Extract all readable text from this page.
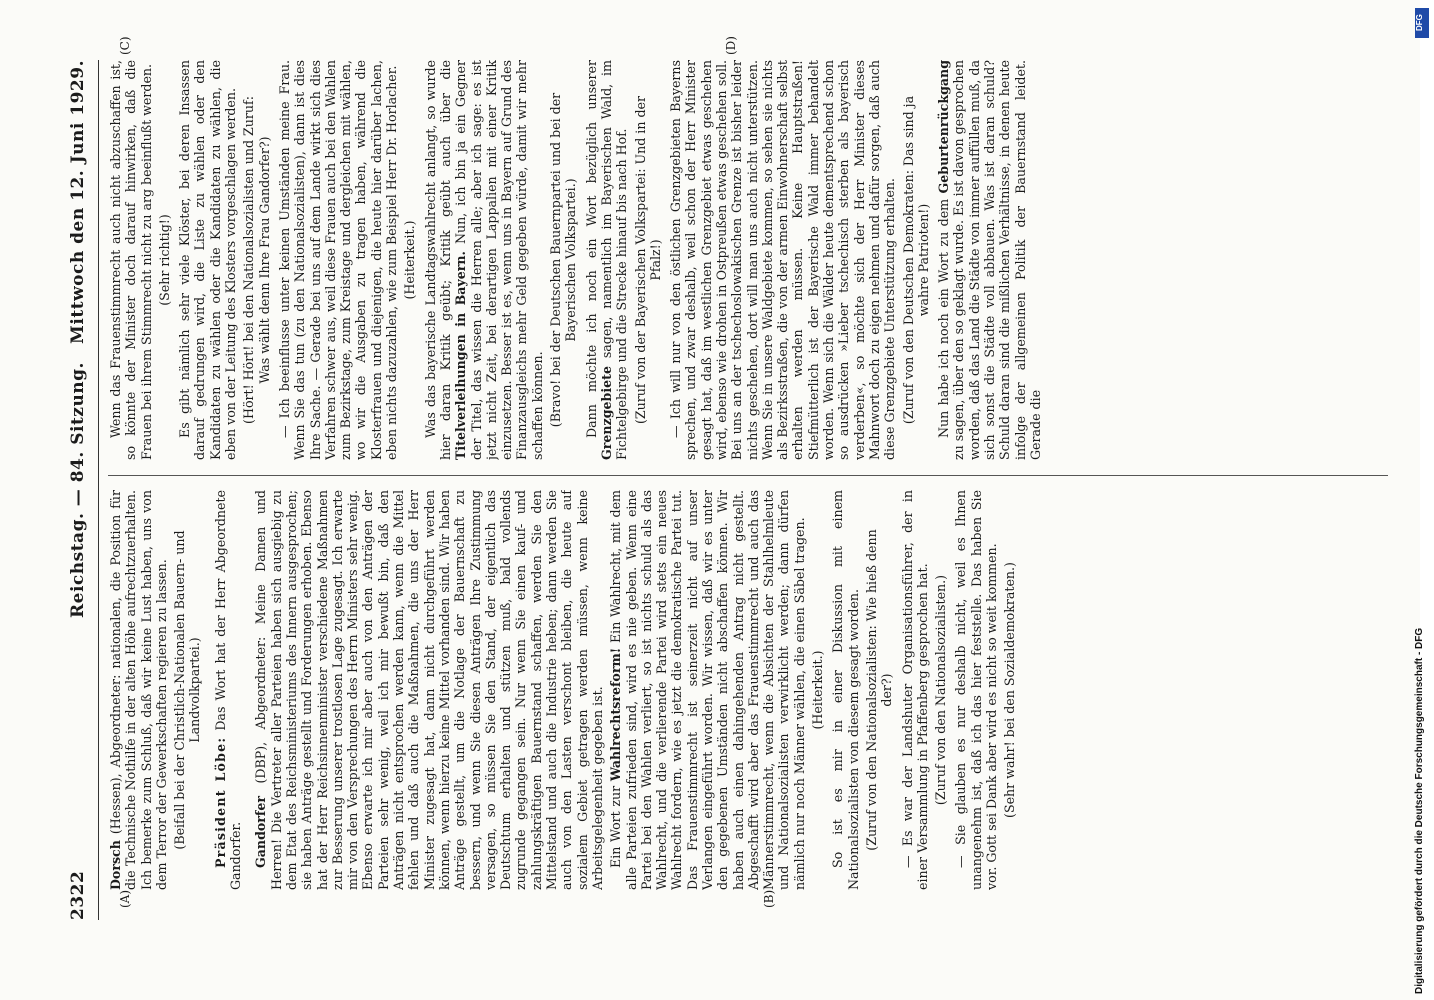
2322
Reichstag. — 84. Sitzung.
Mittwoch den 12. Juni 1929.
(A)	(B)
(C)	(D)

Dorsch (Hessen), Abgeordneter: nationalen, die Position für die Technische Nothilfe in der alten Höhe aufrechtzuerhalten. Ich bemerke zum Schluß, daß wir keine Lust haben, uns von dem Terror der Gewerkschaften regieren zu lassen. (Beifall bei der Christlich-Nationalen Bauern- und Landvolkpartei.)

Präsident Löbe: Das Wort hat der Herr Abgeordnete Gandorfer. Gandorfer (DBP), Abgeordneter: Meine Damen und Herren! Die Vertreter aller Parteien haben sich ausgiebig zu dem Etat des Reichsministeriums des Innern ausgesprochen; sie haben Anträge gestellt und Forderungen erhoben. Ebenso hat der Herr Reichsinnenminister verschiedene Maßnahmen zur Besserung unserer trostlosen Lage zugesagt. Ich erwarte mir von den Versprechungen des Herrn Ministers sehr wenig. Ebenso erwarte ich mir aber auch von den Anträgen der Parteien sehr wenig, weil ich mir bewußt bin, daß den Anträgen nicht entsprochen werden kann, wenn die Mittel fehlen und daß auch die Maßnahmen, die uns der Herr Minister zugesagt hat, dann nicht durchgeführt werden können, wenn hierzu keine Mittel vorhanden sind. Wir haben Anträge gestellt, um die Notlage der Bauernschaft zu bessern, und wenn Sie diesen Anträgen Ihre Zustimmung versagen, so müssen Sie den Stand, der eigentlich das Deutschtum erhalten und stützen muß, bald vollends zugrunde gegangen sein. Nur wenn Sie einen kauf- und zahlungskräftigen Bauernstand schaffen, werden Sie den Mittelstand und auch die Industrie heben; dann werden Sie auch von den Lasten verschont bleiben, die heute auf sozialem Gebiet getragen werden müssen, wenn keine Arbeitsgelegenheit gegeben ist. Ein Wort zur Wahlrechtsreform! Ein Wahlrecht, mit dem alle Parteien zufrieden sind, wird es nie geben. Wenn eine Partei bei den Wahlen verliert, so ist nichts schuld als das Wahlrecht, und die verlierende Partei wird stets ein neues Wahlrecht fordern, wie es jetzt die demokratische Partei tut. Das Frauenstimmrecht ist seinerzeit nicht auf unser Verlangen eingeführt worden. Wir wissen, daß wir es unter den gegebenen Umständen nicht abschaffen können. Wir haben auch einen dahingehenden Antrag nicht gestellt. Abgeschafft wird aber das Frauenstimmrecht und auch das Männerstimmrecht, wenn die Absichten der Stahlhelmleute und Nationalsozialisten verwirklicht werden; dann dürfen nämlich nur noch Männer wählen, die einen Säbel tragen. (Heiterkeit.) So ist es mir in einer Diskussion mit einem Nationalsozialisten von diesem gesagt worden. (Zuruf von den Nationalsozialisten: Wie hieß denn der?) — Es war der Landshuter Organisationsführer, der in einer Versammlung in Pfaffenberg gesprochen hat. (Zuruf von den Nationalsozialisten.) — Sie glauben es nur deshalb nicht, weil es Ihnen unangenehm ist, daß ich das hier feststelle. Das haben Sie vor. Gott sei Dank aber wird es nicht so weit kommen. (Sehr wahr! bei den Sozialdemokraten.)

Wenn das Frauenstimmrecht auch nicht abzuschaffen ist, so könnte der Minister doch darauf hinwirken, daß die Frauen bei ihrem Stimmrecht nicht zu arg beeinflußt werden. (Sehr richtig!) Es gibt nämlich sehr viele Klöster, bei deren Insassen darauf gedrungen wird, die Liste zu wählen oder den Kandidaten zu wählen oder die Kandidaten zu wählen, die eben von der Leitung des Klosters vorgeschlagen werden. (Hört! Hört! bei den Nationalsozialisten und Zuruf: Was wählt denn Ihre Frau Gandorfer?) — Ich beeinflusse unter keinen Umständen meine Frau. Wenn Sie das tun (zu den Nationalsozialisten), dann ist dies Ihre Sache. — Gerade bei uns auf dem Lande wirkt sich dies Verfahren schwer aus, weil diese Frauen auch bei den Wahlen zum Bezirkstage, zum Kreistage und dergleichen mit wählen, wo wir die Ausgaben zu tragen haben, während die Klosterfrauen und diejenigen, die heute hier darüber lachen, eben nichts dazuzahlen, wie zum Beispiel Herr Dr. Horlacher. (Heiterkeit.) Was das bayerische Landtagswahlrecht anlangt, so wurde hier daran Kritik geübt; Kritik geübt auch über die Titelverleihungen in Bayern. Nun, ich bin ja ein Gegner der Titel, das wissen die Herren alle; aber ich sage: es ist jetzt nicht Zeit, bei derartigen Lappalien mit einer Kritik einzusetzen. Besser ist es, wenn uns in Bayern auf Grund des Finanzausgleichs mehr Geld gegeben würde, damit wir mehr schaffen können. (Bravo! bei der Deutschen Bauernpartei und bei der Bayerischen Volkspartei.) Dann möchte ich noch ein Wort bezüglich unserer Grenzgebiete sagen, namentlich im Bayerischen Wald, im Fichtelgebirge und die Strecke hinauf bis nach Hof. (Zuruf von der Bayerischen Volkspartei: Und in der Pfalz!) — Ich will nur von den östlichen Grenzgebieten Bayerns sprechen, und zwar deshalb, weil schon der Herr Minister gesagt hat, daß im westlichen Grenzgebiet etwas geschehen wird, ebenso wie drohen in Ostpreußen etwas geschehen soll. Bei uns an der tschechoslowakischen Grenze ist bisher leider nichts geschehen, dort will man uns auch nicht unterstützen. Wenn Sie in unsere Waldgebiete kommen, so sehen sie nichts als Bezirksstraßen, die von der armen Einwohnerschaft selbst erhalten werden müssen. Keine Hauptstraßen! Stiefmütterlich ist der Bayerische Wald immer behandelt worden. Wenn sich die Wälder heute dementsprechend schon so ausdrücken »Lieber tschechisch sterben als bayerisch verderben«, so möchte sich der Herr Minister dieses Mahnwort doch zu eigen nehmen und dafür sorgen, daß auch diese Grenzgebiete Unterstützung erhalten. (Zuruf von den Deutschen Demokraten: Das sind ja wahre Patrioten!) Nun habe ich noch ein Wort zu dem Geburtenrückgang zu sagen, über den so geklagt wurde. Es ist davon gesprochen worden, daß das Land die Städte von immer auffüllen muß, da sich sonst die Städte voll abbauen. Was ist daran schuld? Schuld daran sind die mißlichen Verhältnisse, in denen heute infolge der allgemeinen Politik der Bauernstand leidet. Gerade die

Digitalisierung gefördert durch die Deutsche Forschungsgemeinschaft - DFG
DFG
